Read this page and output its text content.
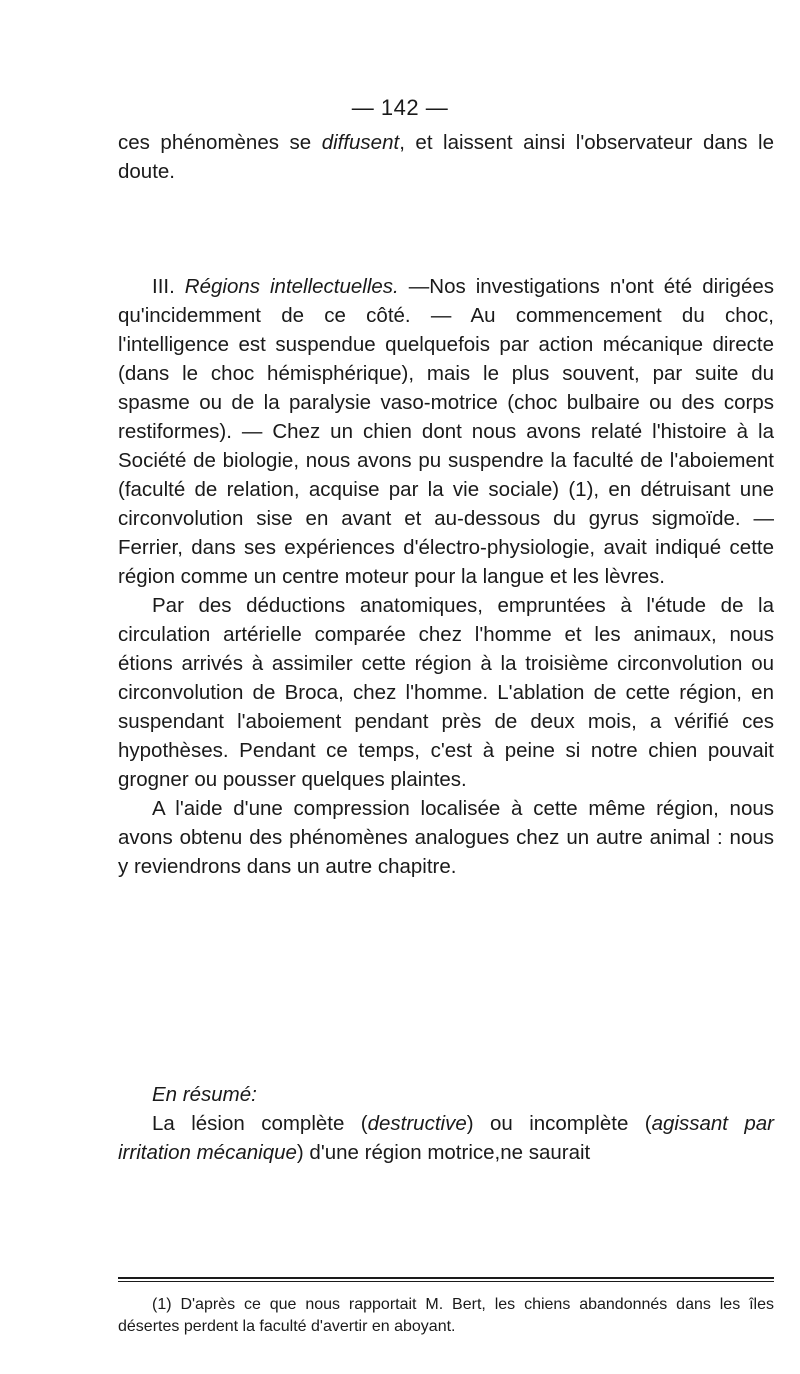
— 142 —

ces phénomènes se diffusent, et laissent ainsi l'observateur dans le doute.

III. Régions intellectuelles. —Nos investigations n'ont été dirigées qu'incidemment de ce côté. — Au commencement du choc, l'intelligence est suspendue quelquefois par action mécanique directe (dans le choc hémisphérique), mais le plus souvent, par suite du spasme ou de la paralysie vaso-motrice (choc bulbaire ou des corps restiformes). — Chez un chien dont nous avons relaté l'histoire à la Société de biologie, nous avons pu suspendre la faculté de l'aboiement (faculté de relation, acquise par la vie sociale) (1), en détruisant une circonvolution sise en avant et au-dessous du gyrus sigmoïde. — Ferrier, dans ses expériences d'électro-physiologie, avait indiqué cette région comme un centre moteur pour la langue et les lèvres.

Par des déductions anatomiques, empruntées à l'étude de la circulation artérielle comparée chez l'homme et les animaux, nous étions arrivés à assimiler cette région à la troisième circonvolution ou circonvolution de Broca, chez l'homme. L'ablation de cette région, en suspendant l'aboiement pendant près de deux mois, a vérifié ces hypothèses. Pendant ce temps, c'est à peine si notre chien pouvait grogner ou pousser quelques plaintes.

A l'aide d'une compression localisée à cette même région, nous avons obtenu des phénomènes analogues chez un autre animal : nous y reviendrons dans un autre chapitre.

En résumé:

La lésion complète (destructive) ou incomplète (agissant par irritation mécanique) d'une région motrice,ne saurait

(1) D'après ce que nous rapportait M. Bert, les chiens abandonnés dans les îles désertes perdent la faculté d'avertir en aboyant.
